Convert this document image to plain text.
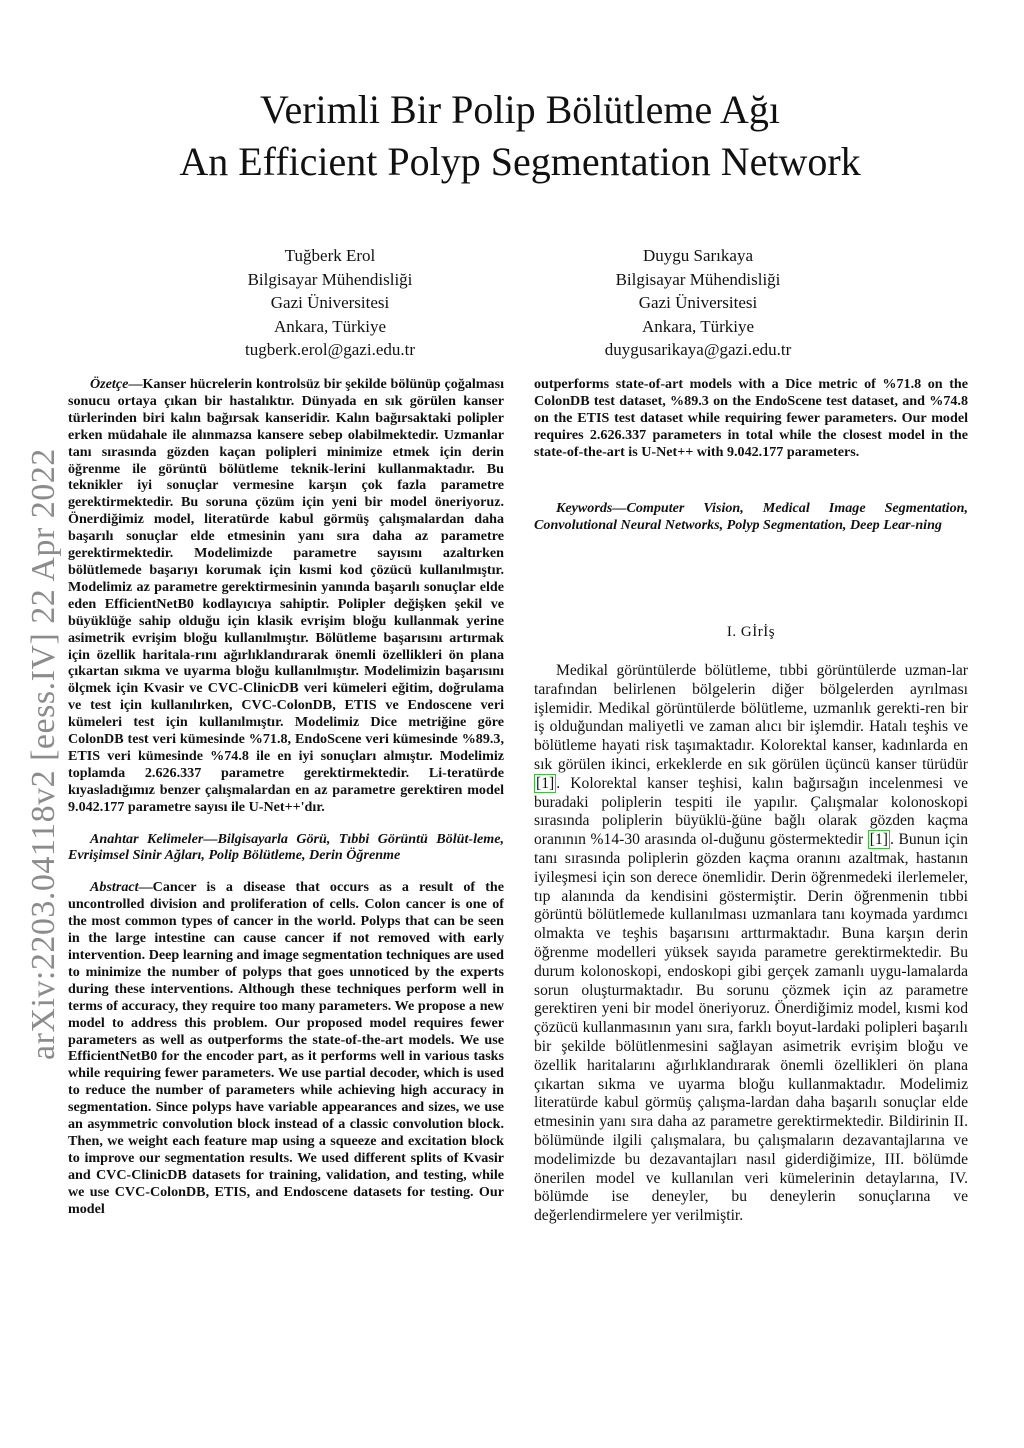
arXiv:2203.04118v2 [eess.IV] 22 Apr 2022
Verimli Bir Polip Bölütleme Ağı
An Efficient Polyp Segmentation Network
Tuğberk Erol
Bilgisayar Mühendisliği
Gazi Üniversitesi
Ankara, Türkiye
tugberk.erol@gazi.edu.tr
Duygu Sarıkaya
Bilgisayar Mühendisliği
Gazi Üniversitesi
Ankara, Türkiye
duygusarikaya@gazi.edu.tr

Özetçe—Kanser hücrelerin kontrolsüz bir şekilde bölünüp çoğalması sonucu ortaya çıkan bir hastalıktır. Dünyada en sık görülen kanser türlerinden biri kalın bağırsak kanseridir. Kalın bağırsaktaki polipler erken müdahale ile alınmazsa kansere sebep olabilmektedir. Uzmanlar tanı sırasında gözden kaçan polipleri minimize etmek için derin öğrenme ile görüntü bölütleme teknik-lerini kullanmaktadır. Bu teknikler iyi sonuçlar vermesine karşın çok fazla parametre gerektirmektedir. Bu soruna çözüm için yeni bir model öneriyoruz. Önerdiğimiz model, literatürde kabul görmüş çalışmalardan daha başarılı sonuçlar elde etmesinin yanı sıra daha az parametre gerektirmektedir. Modelimizde parametre sayısını azaltırken bölütlemede başarıyı korumak için kısmi kod çözücü kullanılmıştır. Modelimiz az parametre gerektirmesinin yanında başarılı sonuçlar elde eden EfficientNetB0 kodlayıcıya sahiptir. Polipler değişken şekil ve büyüklüğe sahip olduğu için klasik evrişim bloğu kullanmak yerine asimetrik evrişim bloğu kullanılmıştır. Bölütleme başarısını artırmak için özellik haritala-rını ağırlıklandırarak önemli özellikleri ön plana çıkartan sıkma ve uyarma bloğu kullanılmıştır. Modelimizin başarısını ölçmek için Kvasir ve CVC-ClinicDB veri kümeleri eğitim, doğrulama ve test için kullanılırken, CVC-ColonDB, ETIS ve Endoscene veri kümeleri test için kullanılmıştır. Modelimiz Dice metriğine göre ColonDB test veri kümesinde %71.8, EndoScene veri kümesinde %89.3, ETIS veri kümesinde %74.8 ile en iyi sonuçları almıştır. Modelimiz toplamda 2.626.337 parametre gerektirmektedir. Li-teratürde kıyasladığımız benzer çalışmalardan en az parametre gerektiren model 9.042.177 parametre sayısı ile U-Net++'dır.

Anahtar Kelimeler—Bilgisayarla Görü, Tıbbi Görüntü Bölüt-leme, Evrişimsel Sinir Ağları, Polip Bölütleme, Derin Öğrenme

Abstract—Cancer is a disease that occurs as a result of the uncontrolled division and proliferation of cells. Colon cancer is one of the most common types of cancer in the world. Polyps that can be seen in the large intestine can cause cancer if not removed with early intervention. Deep learning and image segmentation techniques are used to minimize the number of polyps that goes unnoticed by the experts during these interventions. Although these techniques perform well in terms of accuracy, they require too many parameters. We propose a new model to address this problem. Our proposed model requires fewer parameters as well as outperforms the state-of-the-art models. We use EfficientNetB0 for the encoder part, as it performs well in various tasks while requiring fewer parameters. We use partial decoder, which is used to reduce the number of parameters while achieving high accuracy in segmentation. Since polyps have variable appearances and sizes, we use an asymmetric convolution block instead of a classic convolution block. Then, we weight each feature map using a squeeze and excitation block to improve our segmentation results. We used different splits of Kvasir and CVC-ClinicDB datasets for training, validation, and testing, while we use CVC-ColonDB, ETIS, and Endoscene datasets for testing. Our model

outperforms state-of-art models with a Dice metric of %71.8 on the ColonDB test dataset, %89.3 on the EndoScene test dataset, and %74.8 on the ETIS test dataset while requiring fewer parameters. Our model requires 2.626.337 parameters in total while the closest model in the state-of-the-art is U-Net++ with 9.042.177 parameters.

Keywords—Computer Vision, Medical Image Segmentation, Convolutional Neural Networks, Polyp Segmentation, Deep Lear-ning

I. Gİrİş

Medikal görüntülerde bölütleme, tıbbi görüntülerde uzman-lar tarafından belirlenen bölgelerin diğer bölgelerden ayrılması işlemidir. Medikal görüntülerde bölütleme, uzmanlık gerekti-ren bir iş olduğundan maliyetli ve zaman alıcı bir işlemdir. Hatalı teşhis ve bölütleme hayati risk taşımaktadır. Kolorektal kanser, kadınlarda en sık görülen ikinci, erkeklerde en sık görülen üçüncü kanser türüdür [1] . Kolorektal kanser teşhisi, kalın bağırsağın incelenmesi ve buradaki poliplerin tespiti ile yapılır. Çalışmalar kolonoskopi sırasında poliplerin büyüklü-ğüne bağlı olarak gözden kaçma oranının %14-30 arasında ol-duğunu göstermektedir [1] . Bunun için tanı sırasında poliplerin gözden kaçma oranını azaltmak, hastanın iyileşmesi için son derece önemlidir. Derin öğrenmedeki ilerlemeler, tıp alanında da kendisini göstermiştir. Derin öğrenmenin tıbbi görüntü bölütlemede kullanılması uzmanlara tanı koymada yardımcı olmakta ve teşhis başarısını arttırmaktadır. Buna karşın derin öğrenme modelleri yüksek sayıda parametre gerektirmektedir. Bu durum kolonoskopi, endoskopi gibi gerçek zamanlı uygu-lamalarda sorun oluşturmaktadır. Bu sorunu çözmek için az parametre gerektiren yeni bir model öneriyoruz. Önerdiğimiz model, kısmi kod çözücü kullanmasının yanı sıra, farklı boyut-lardaki polipleri başarılı bir şekilde bölütlenmesini sağlayan asimetrik evrişim bloğu ve özellik haritalarını ağırlıklandırarak önemli özellikleri ön plana çıkartan sıkma ve uyarma bloğu kullanmaktadır. Modelimiz literatürde kabul görmüş çalışma-lardan daha başarılı sonuçlar elde etmesinin yanı sıra daha az parametre gerektirmektedir. Bildirinin II. bölümünde ilgili çalışmalara, bu çalışmaların dezavantajlarına ve modelimizde bu dezavantajları nasıl giderdiğimize, III. bölümde önerilen model ve kullanılan veri kümelerinin detaylarına, IV. bölümde ise deneyler, bu deneylerin sonuçlarına ve değerlendirmelere yer verilmiştir.
